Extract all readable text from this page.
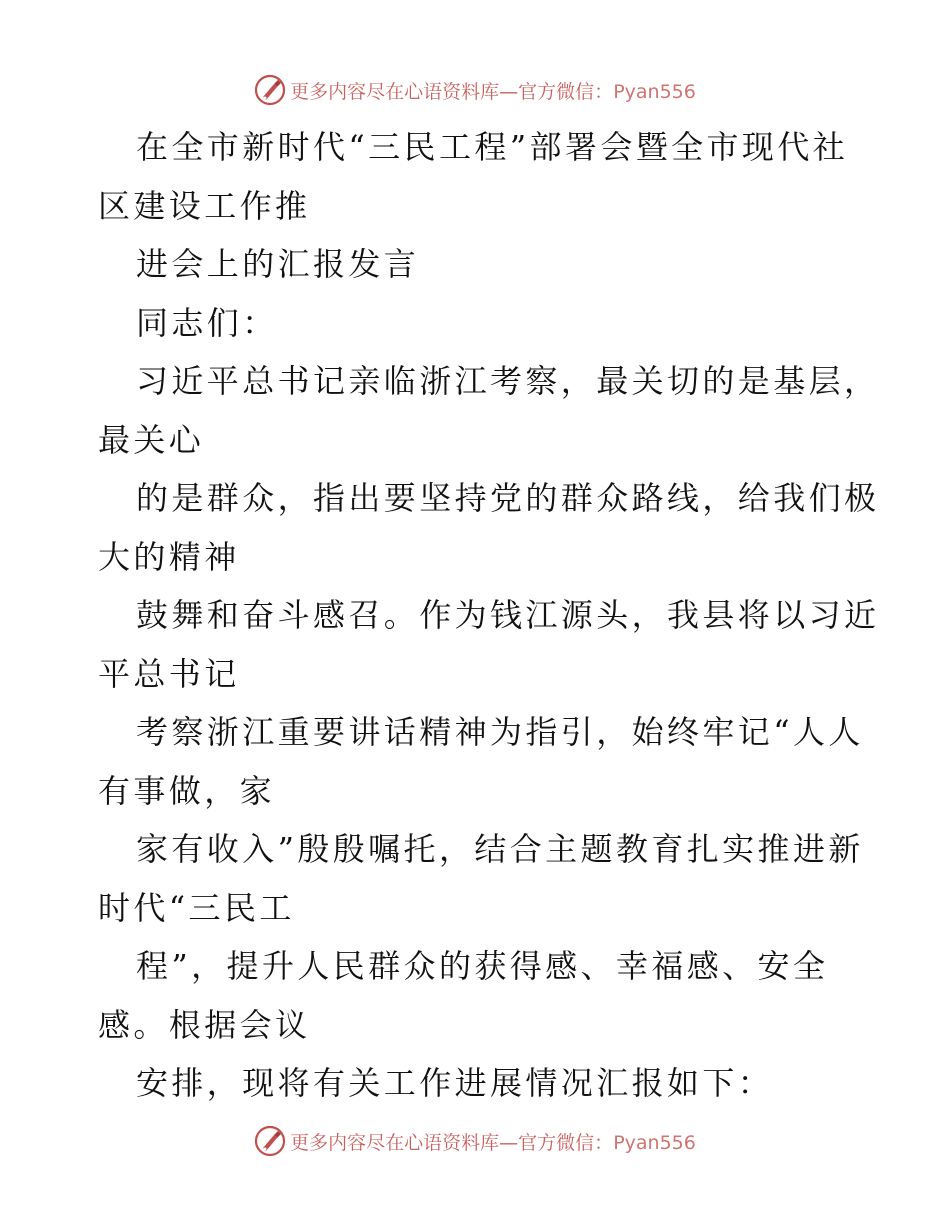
更多内容尽在心语资料库—官方微信：Pyan556
在全市新时代“三民工程”部署会暨全市现代社
区建设工作推
进会上的汇报发言
同志们：
习近平总书记亲临浙江考察，最关切的是基层，
最关心
的是群众，指出要坚持党的群众路线，给我们极
大的精神
鼓舞和奋斗感召。作为钱江源头，我县将以习近
平总书记
考察浙江重要讲话精神为指引，始终牢记“人人
有事做，家
家有收入”殷殷嘱托，结合主题教育扎实推进新
时代“三民工
程”，提升人民群众的获得感、幸福感、安全
感。根据会议
安排，现将有关工作进展情况汇报如下：
更多内容尽在心语资料库—官方微信：Pyan556
